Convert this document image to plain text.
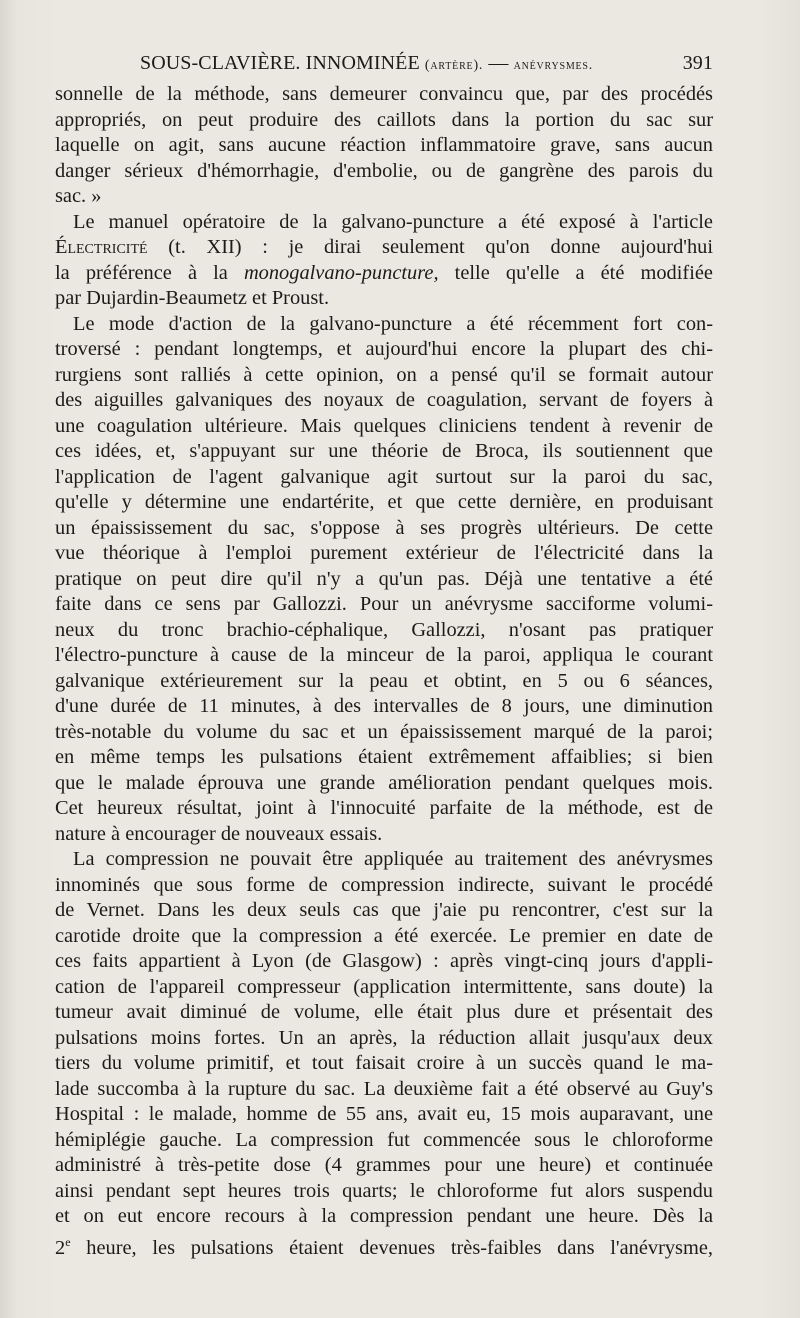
SOUS-CLAVIÈRE. INNOMINÉE (artère). — anévrysmes.	391

sonnelle de la méthode, sans demeurer convaincu que, par des procédés
appropriés, on peut produire des caillots dans la portion du sac sur
laquelle on agit, sans aucune réaction inflammatoire grave, sans aucun
danger sérieux d'hémorrhagie, d'embolie, ou de gangrène des parois du
sac. »

Le manuel opératoire de la galvano-puncture a été exposé à l'article
Électricité (t. XII) : je dirai seulement qu'on donne aujourd'hui
la préférence à la monogalvano-puncture, telle qu'elle a été modifiée
par Dujardin-Beaumetz et Proust.

Le mode d'action de la galvano-puncture a été récemment fort con-
troversé : pendant longtemps, et aujourd'hui encore la plupart des chi-
rurgiens sont ralliés à cette opinion, on a pensé qu'il se formait autour
des aiguilles galvaniques des noyaux de coagulation, servant de foyers à
une coagulation ultérieure. Mais quelques cliniciens tendent à revenir de
ces idées, et, s'appuyant sur une théorie de Broca, ils soutiennent que
l'application de l'agent galvanique agit surtout sur la paroi du sac,
qu'elle y détermine une endartérite, et que cette dernière, en produisant
un épaississement du sac, s'oppose à ses progrès ultérieurs. De cette
vue théorique à l'emploi purement extérieur de l'électricité dans la
pratique on peut dire qu'il n'y a qu'un pas. Déjà une tentative a été
faite dans ce sens par Gallozzi. Pour un anévrysme sacciforme volumi-
neux du tronc brachio-céphalique, Gallozzi, n'osant pas pratiquer
l'électro-puncture à cause de la minceur de la paroi, appliqua le courant
galvanique extérieurement sur la peau et obtint, en 5 ou 6 séances,
d'une durée de 11 minutes, à des intervalles de 8 jours, une diminution
très-notable du volume du sac et un épaississement marqué de la paroi;
en même temps les pulsations étaient extrêmement affaiblies; si bien
que le malade éprouva une grande amélioration pendant quelques mois.
Cet heureux résultat, joint à l'innocuité parfaite de la méthode, est de
nature à encourager de nouveaux essais.

La compression ne pouvait être appliquée au traitement des anévrysmes
innominés que sous forme de compression indirecte, suivant le procédé
de Vernet. Dans les deux seuls cas que j'aie pu rencontrer, c'est sur la
carotide droite que la compression a été exercée. Le premier en date de
ces faits appartient à Lyon (de Glasgow) : après vingt-cinq jours d'appli-
cation de l'appareil compresseur (application intermittente, sans doute) la
tumeur avait diminué de volume, elle était plus dure et présentait des
pulsations moins fortes. Un an après, la réduction allait jusqu'aux deux
tiers du volume primitif, et tout faisait croire à un succès quand le ma-
lade succomba à la rupture du sac. La deuxième fait a été observé au Guy's
Hospital : le malade, homme de 55 ans, avait eu, 15 mois auparavant, une
hémiplégie gauche. La compression fut commencée sous le chloroforme
administré à très-petite dose (4 grammes pour une heure) et continuée
ainsi pendant sept heures trois quarts; le chloroforme fut alors suspendu
et on eut encore recours à la compression pendant une heure. Dès la
2e heure, les pulsations étaient devenues très-faibles dans l'anévrysme,
